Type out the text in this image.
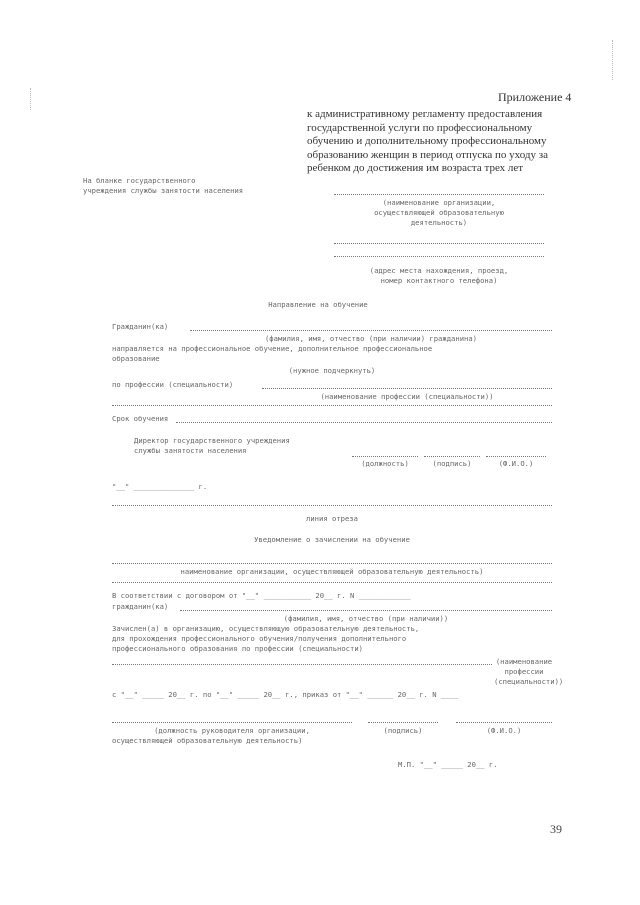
Приложение 4
к административному регламенту предоставления
государственной услуги по профессиональному
обучению и дополнительному профессиональному
образованию женщин в период отпуска по уходу за
ребенком до достижения им возраста трех лет
На бланке государственного
учреждения службы занятости населения
(наименование организации,
осуществляющей образовательную
деятельность)
(адрес места нахождения, проезд,
номер контактного телефона)
Направление на обучение
Гражданин(ка)
(фамилия, имя, отчество (при наличии) гражданина)
направляется на профессиональное обучение, дополнительное профессиональное
образование
(нужное подчеркнуть)
по профессии (специальности)
(наименование профессии (специальности))
Срок обучения
Директор государственного учреждения
службы занятости населения
(должность)	(подпись)	(Ф.И.О.)
"__" ______________ г.
линия отреза
Уведомление о зачислении на обучение
наименование организации, осуществляющей образовательную деятельность)
В соответствии с договором от "__" ___________ 20__ г. N ____________
гражданин(ка)
(фамилия, имя, отчество (при наличии))
Зачислен(а) в организацию, осуществляющую образовательную деятельность,
для прохождения профессионального обучения/получения дополнительного
профессионального образования по профессии (специальности)
(наименование
профессии
(специальности))
с "__" _____ 20__ г. по "__" _____ 20__ г., приказ от "__" ______ 20__ г. N ____
(должность руководителя организации,
осуществляющей образовательную деятельность)
(подпись)	(Ф.И.О.)
М.П. "__" _____ 20__ г.
39
